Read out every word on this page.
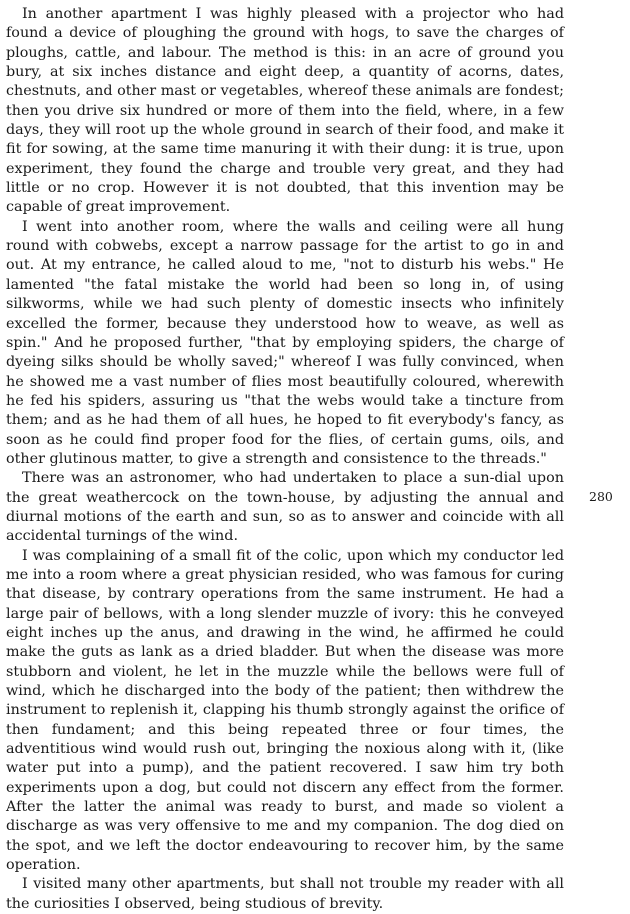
In another apartment I was highly pleased with a projector who had found a device of ploughing the ground with hogs, to save the charges of ploughs, cattle, and labour. The method is this: in an acre of ground you bury, at six inches distance and eight deep, a quantity of acorns, dates, chestnuts, and other mast or vegetables, whereof these animals are fondest; then you drive six hundred or more of them into the field, where, in a few days, they will root up the whole ground in search of their food, and make it fit for sowing, at the same time manuring it with their dung: it is true, upon experiment, they found the charge and trouble very great, and they had little or no crop. However it is not doubted, that this invention may be capable of great improvement.

I went into another room, where the walls and ceiling were all hung round with cobwebs, except a narrow passage for the artist to go in and out. At my entrance, he called aloud to me, "not to disturb his webs." He lamented "the fatal mistake the world had been so long in, of using silkworms, while we had such plenty of domestic insects who infinitely excelled the former, because they understood how to weave, as well as spin." And he proposed further, "that by employing spiders, the charge of dyeing silks should be wholly saved;" whereof I was fully convinced, when he showed me a vast number of flies most beautifully coloured, wherewith he fed his spiders, assuring us "that the webs would take a tincture from them; and as he had them of all hues, he hoped to fit everybody's fancy, as soon as he could find proper food for the flies, of certain gums, oils, and other glutinous matter, to give a strength and consistence to the threads."

There was an astronomer, who had undertaken to place a sun-dial upon the great weathercock on the town-house, by adjusting the annual and diurnal motions of the earth and sun, so as to answer and coincide with all accidental turnings of the wind.

I was complaining of a small fit of the colic, upon which my conductor led me into a room where a great physician resided, who was famous for curing that disease, by contrary operations from the same instrument. He had a large pair of bellows, with a long slender muzzle of ivory: this he conveyed eight inches up the anus, and drawing in the wind, he affirmed he could make the guts as lank as a dried bladder. But when the disease was more stubborn and violent, he let in the muzzle while the bellows were full of wind, which he discharged into the body of the patient; then withdrew the instrument to replenish it, clapping his thumb strongly against the orifice of then fundament; and this being repeated three or four times, the adventitious wind would rush out, bringing the noxious along with it, (like water put into a pump), and the patient recovered. I saw him try both experiments upon a dog, but could not discern any effect from the former. After the latter the animal was ready to burst, and made so violent a discharge as was very offensive to me and my companion. The dog died on the spot, and we left the doctor endeavouring to recover him, by the same operation.

I visited many other apartments, but shall not trouble my reader with all the curiosities I observed, being studious of brevity.

280
